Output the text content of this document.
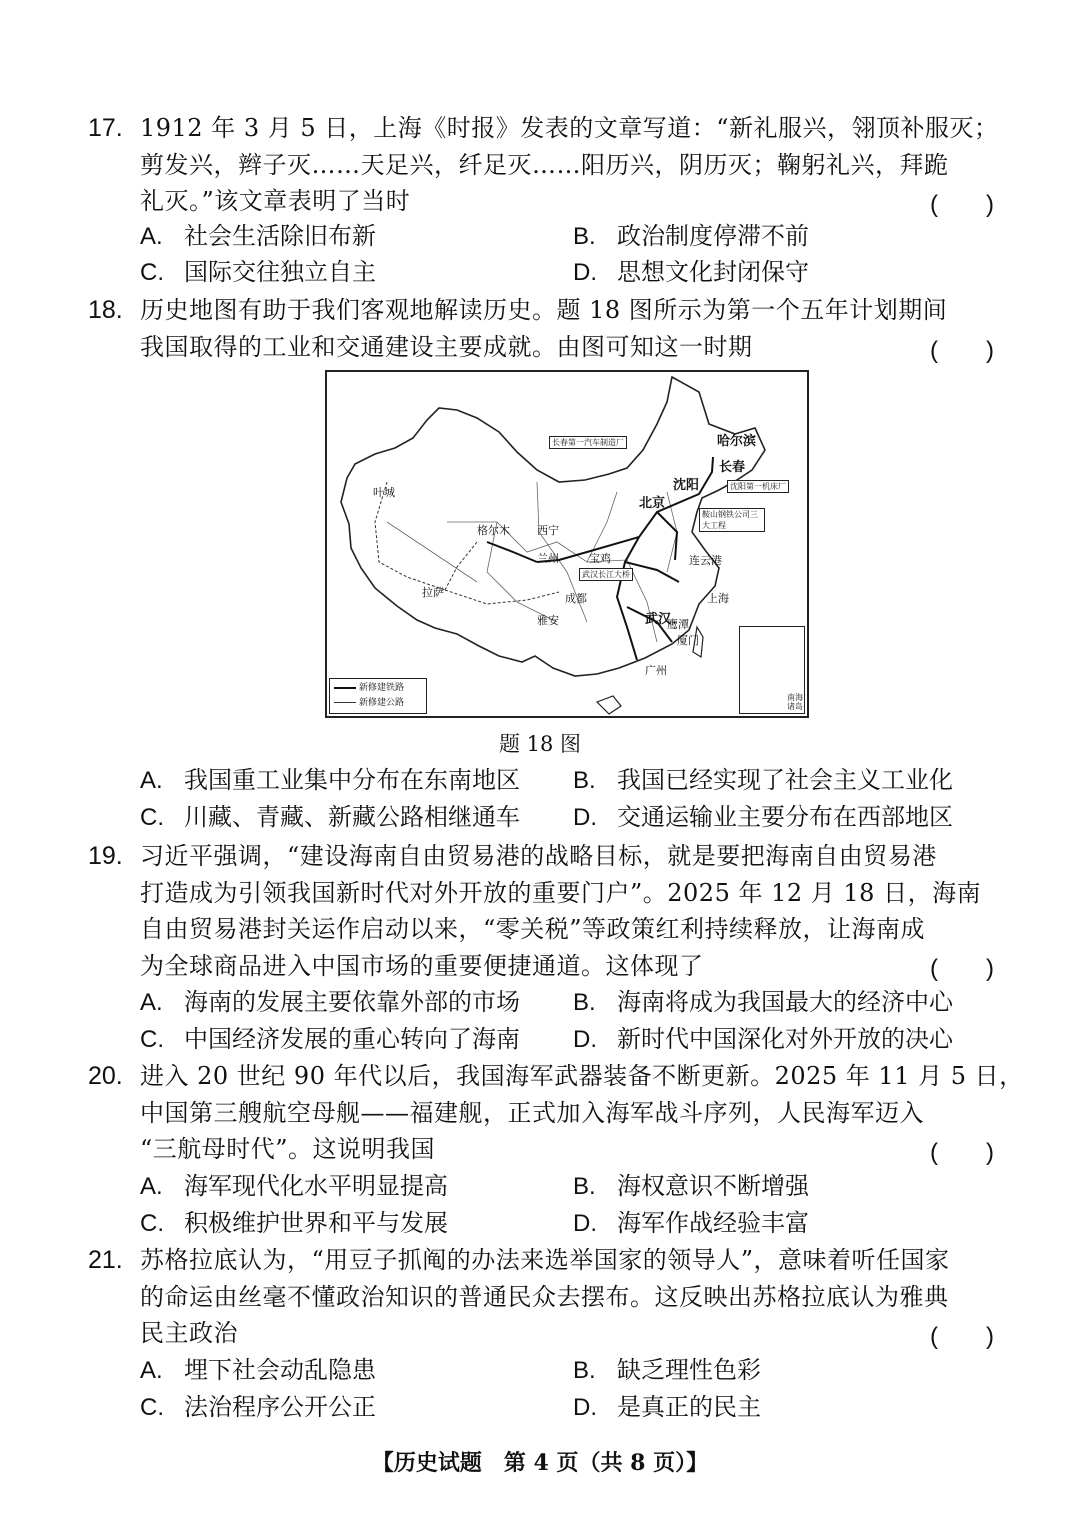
17. 1912 年 3 月 5 日，上海《时报》发表的文章写道：“新礼服兴，翎顶补服灭；
剪发兴，辫子灭……天足兴，纤足灭……阳历兴，阴历灭；鞠躬礼兴，拜跪
礼灭。”该文章表明了当时	(　　)
A. 社会生活除旧布新	B. 政治制度停滞不前
C. 国际交往独立自主	D. 思想文化封闭保守
18. 历史地图有助于我们客观地解读历史。题 18 图所示为第一个五年计划期间
我国取得的工业和交通建设主要成就。由图可知这一时期	(　　)
哈尔滨
长春
沈阳
北京
西宁
兰州
拉萨	成都
武汉
广州
连云港
上海
宝鸡
厦门
鹰潭
叶城
雅安
格尔木
长春第一汽车制造厂
沈阳第一机床厂
鞍山钢铁公司三大工程
武汉长江大桥
新修建铁路
新修建公路
南海诸岛
题 18 图
A. 我国重工业集中分布在东南地区 B. 我国已经实现了社会主义工业化
C. 川藏、青藏、新藏公路相继通车 D. 交通运输业主要分布在西部地区
19. 习近平强调，“建设海南自由贸易港的战略目标，就是要把海南自由贸易港
打造成为引领我国新时代对外开放的重要门户”。2025 年 12 月 18 日，海南
自由贸易港封关运作启动以来，“零关税”等政策红利持续释放，让海南成
为全球商品进入中国市场的重要便捷通道。这体现了	(　　)
A. 海南的发展主要依靠外部的市场 B. 海南将成为我国最大的经济中心
C. 中国经济发展的重心转向了海南 D. 新时代中国深化对外开放的决心
20. 进入 20 世纪 90 年代以后，我国海军武器装备不断更新。2025 年 11 月 5 日，
中国第三艘航空母舰——福建舰，正式加入海军战斗序列，人民海军迈入
“三航母时代”。这说明我国	(　　)
A. 海军现代化水平明显提高	B. 海权意识不断增强
C. 积极维护世界和平与发展	D. 海军作战经验丰富
21. 苏格拉底认为，“用豆子抓阄的办法来选举国家的领导人”，意味着听任国家
的命运由丝毫不懂政治知识的普通民众去摆布。这反映出苏格拉底认为雅典
民主政治	(　　)
A. 埋下社会动乱隐患	B. 缺乏理性色彩
C. 法治程序公开公正	D. 是真正的民主
【历史试题　第 4 页（共 8 页）】
